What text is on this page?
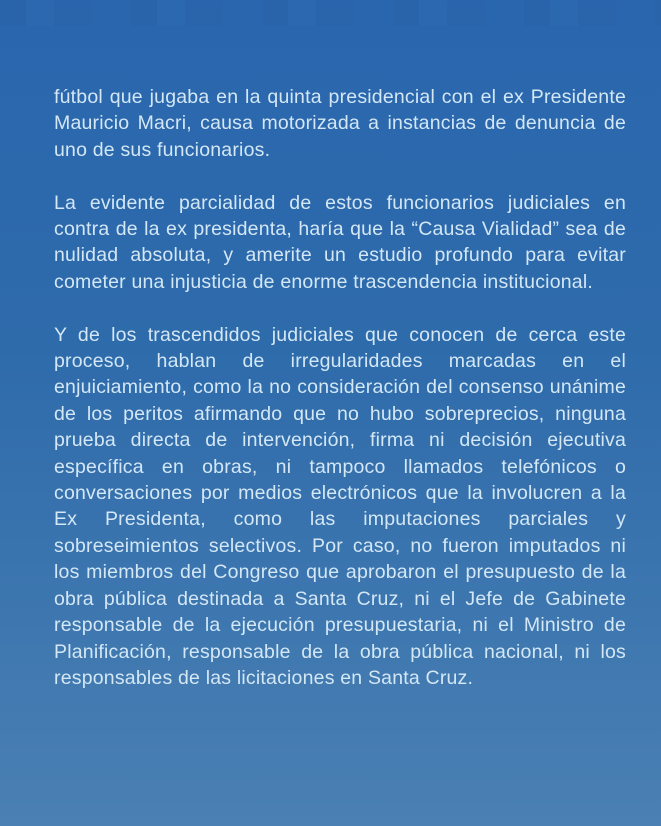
fútbol que jugaba en la quinta presidencial con el ex Presidente Mauricio Macri, causa motorizada a instancias de denuncia de uno de sus funcionarios.

La evidente parcialidad de estos funcionarios judiciales en contra de la ex presidenta, haría que la “Causa Vialidad” sea de nulidad absoluta, y amerite un estudio profundo para evitar cometer una injusticia de enorme trascendencia institucional.

Y de los trascendidos judiciales que conocen de cerca este proceso, hablan de irregularidades marcadas en el enjuiciamiento, como la no consideración del consenso unánime de los peritos afirmando que no hubo sobreprecios, ninguna prueba directa de intervención, firma ni decisión ejecutiva específica en obras, ni tampoco llamados telefónicos o conversaciones por medios electrónicos que la involucren a la Ex Presidenta, como las imputaciones parciales y sobreseimientos selectivos. Por caso, no fueron imputados ni los miembros del Congreso que aprobaron el presupuesto de la obra pública destinada a Santa Cruz, ni el Jefe de Gabinete responsable de la ejecución presupuestaria, ni el Ministro de Planificación, responsable de la obra pública nacional, ni los responsables de las licitaciones en Santa Cruz.
